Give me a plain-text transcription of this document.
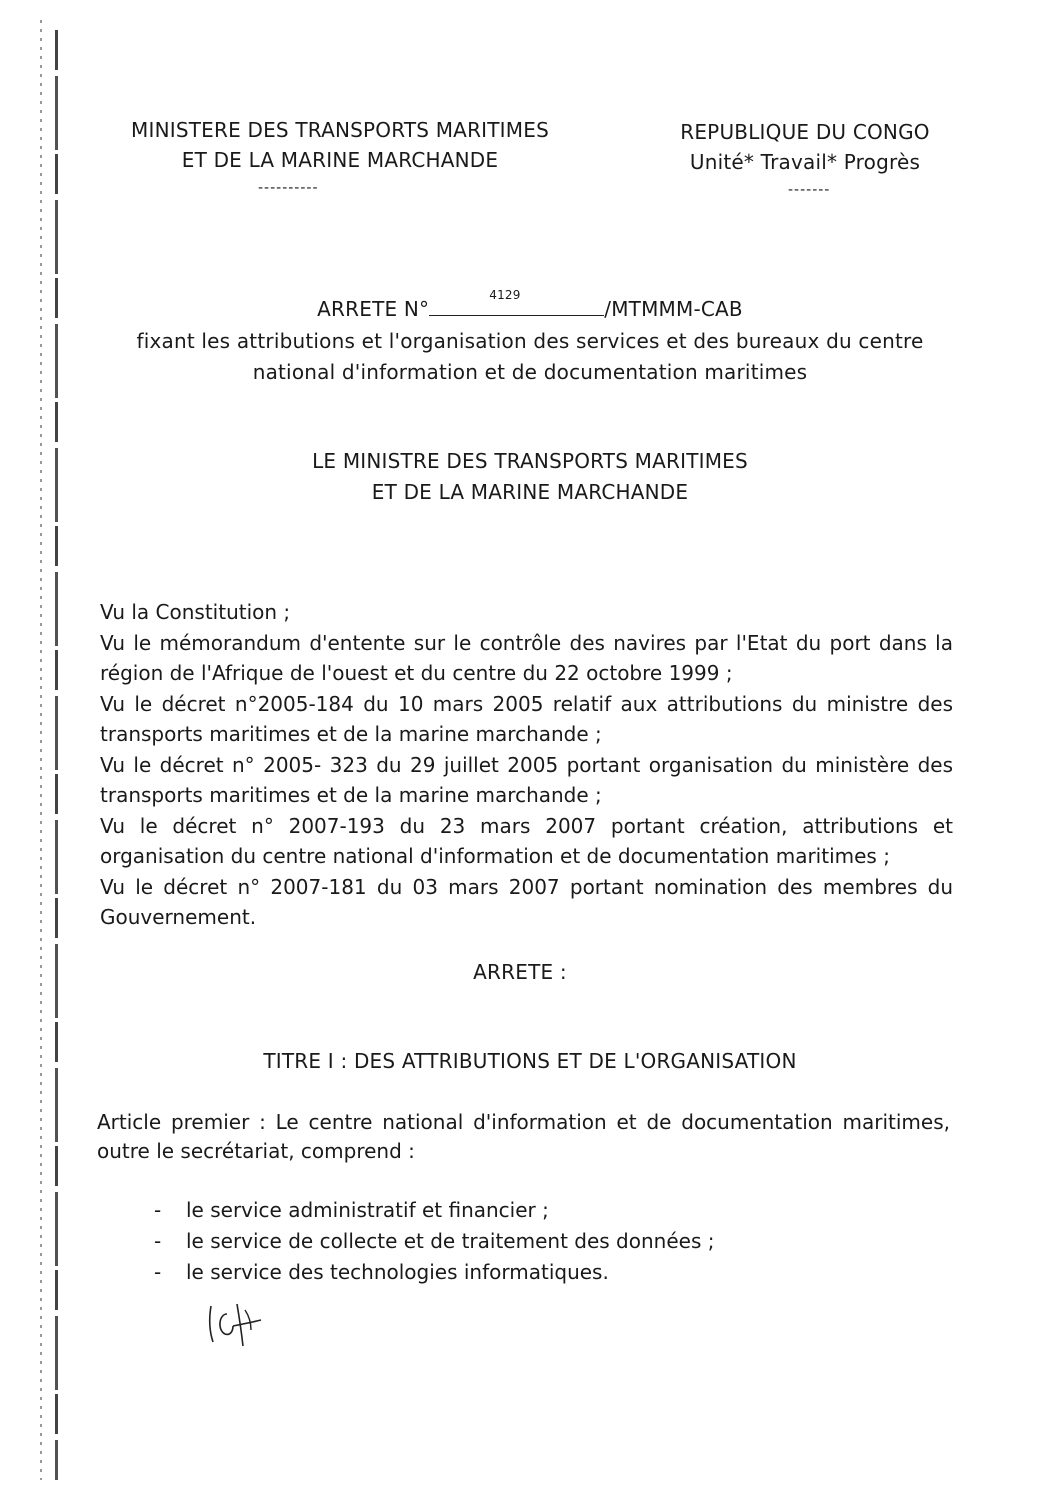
MINISTERE DES TRANSPORTS MARITIMES
ET DE LA MARINE MARCHANDE
----------
REPUBLIQUE DU CONGO
Unité* Travail* Progrès
-------
ARRETE N°
4129
/MTMMM-CAB
fixant les attributions et l'organisation des services et des bureaux du centre
national d'information et de documentation maritimes
LE MINISTRE DES TRANSPORTS MARITIMES
ET DE LA MARINE MARCHANDE
Vu la Constitution ;
Vu le mémorandum d'entente sur le contrôle des navires par l'Etat du port dans la
région de l'Afrique de l'ouest et du centre du 22 octobre 1999 ;
Vu le décret n°2005-184 du 10 mars 2005 relatif aux attributions du ministre des
transports maritimes et de la marine marchande ;
Vu le décret n° 2005- 323 du 29 juillet 2005 portant organisation du ministère des
transports maritimes et de la marine marchande ;
Vu le décret n° 2007-193 du 23 mars 2007 portant création, attributions et
organisation du centre national d'information et de documentation maritimes ;
Vu le décret n° 2007-181 du 03 mars 2007 portant nomination des membres du
Gouvernement.
ARRETE :
TITRE I : DES ATTRIBUTIONS ET DE L'ORGANISATION
Article premier : Le centre national d'information et de documentation maritimes,
outre le secrétariat, comprend :
- le service administratif et financier ;
- le service de collecte et de traitement des données ;
- le service des technologies informatiques.
